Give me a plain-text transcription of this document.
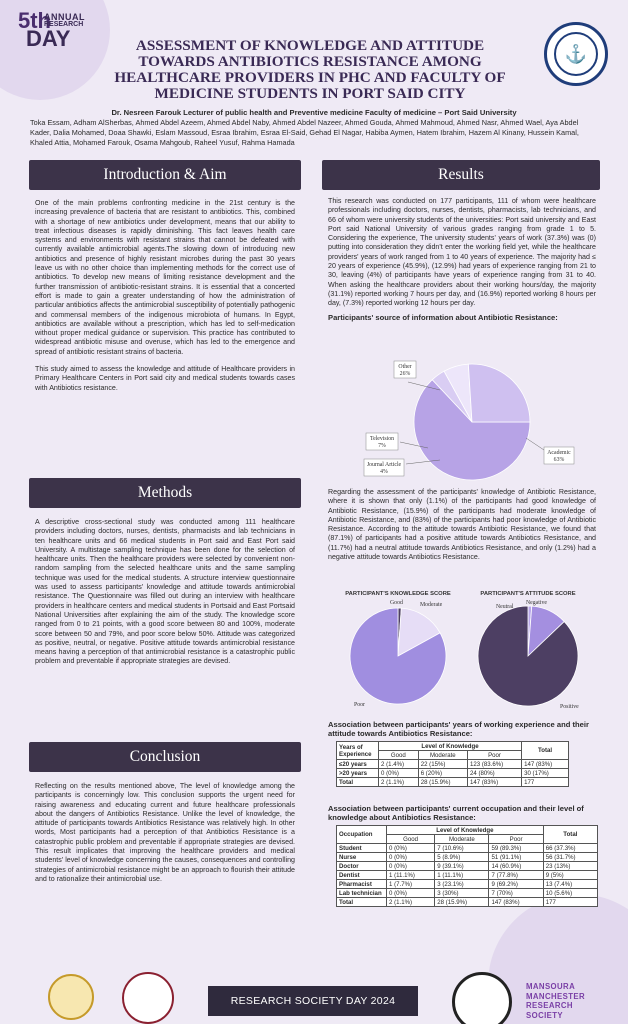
5th
ANNUAL
RESEARCH
DAY
⚓
ASSESSMENT OF KNOWLEDGE AND ATTITUDE TOWARDS ANTIBIOTICS RESISTANCE AMONG HEALTHCARE PROVIDERS IN PHC AND FACULTY OF MEDICINE STUDENTS IN PORT SAID CITY
Dr. Nesreen Farouk Lecturer of public health and Preventive medicine Faculty of medicine – Port Said University
Toka Essam, Adham AlSherbas, Ahmed Abdel Azeem, Ahmed Abdel Naby, Ahmed Abdel Nazeer, Ahmed Gouda, Ahmed Mahmoud, Ahmed Nasr, Ahmed Wael, Aya Abdel Kader, Dalia Mohamed, Doaa Shawki, Eslam Massoud, Esraa Ibrahim, Esraa El-Said, Gehad El Nagar, Habiba Aymen, Hatem Ibrahim, Hazem Al Kinany, Hussein Kamal, Khaled Attia, Mohamed Farouk, Osama Mahgoub, Raheel Yusuf, Rahma Hamada
Introduction & Aim

One of the main problems confronting medicine in the 21st century is the increasing prevalence of bacteria that are resistant to antibiotics. This, combined with a shortage of new antibiotics under development, means that our ability to treat infectious diseases is rapidly diminishing. This fact leaves health care systems and environments with resistant strains that cannot be defeated with currently available antimicrobial agents.The slowing down of introducing new antibiotics and presence of highly resistant microbes during the past 30 years leave us with no other choice than implementing methods for the correct use of antibiotics. To develop new means of limiting resistance development and the further transmission of antibiotic-resistant strains. It is essential that a concerted effort is made to gain a greater understanding of how the administration of particular antibiotics affects the antimicrobial susceptibility of potentially pathogenic and commensal members of the indigenous microbiota of humans. In Egypt, antibiotics are available without a prescription, which has led to self-medication without proper medical guidance or supervision. This practice has contributed to widespread antibiotic misuse and overuse, which has led to the emergence and spread of antibiotic resistant strains of bacteria.

This study aimed to assess the knowledge and attitude of Healthcare providers in Primary Healthcare Centers in Port said city and medical students towards cases with Antibiotics resistance.

Methods

A descriptive cross-sectional study was conducted among 111 healthcare providers including doctors, nurses, dentists, pharmacists and lab technicians in ten healthcare units and 66 medical students in Port said and East Port said University. A multistage sampling technique has been done for the selection of healthcare units. Then the healthcare providers were selected by convenient non-random sampling from the selected healthcare units and the same sampling technique was used for the medical students. A structure interview questionnaire was used to assess participants' knowledge and attitude towards antimicrobial resistance. The Questionnaire was filled out during an interview with healthcare providers in healthcare centers and medical students in Portsaid and East Portsaid National Universities after explaining the aim of the study. The knowledge score ranged from 0 to 21 points, with a good score between 80 and 100%, moderate score between 50 and 79%, and poor score below 50%. Attitude was categorized as positive, neutral, or negative. Positive attitude towards antimicrobial resistance means having a perception of that antimicrobial resistance is a catastrophic public problem and preventable if appropriate strategies are devised.

Conclusion

Reflecting on the results mentioned above, The level of knowledge among the participants is concerningly low. This conclusion supports the urgent need for raising awareness and educating current and future healthcare professionals about the dangers of Antibiotics Resistance. Unlike the level of knowledge, the attitude of participants towards Antibiotics Resistance was relatively high. In other words, Most participants had a perception of that Antibiotics Resistance is a catastrophic public problem and preventable if appropriate strategies are devised. This result implicates that improving the healthcare providers and medical students' level of knowledge concerning the causes, consequences and controlling strategies of antimicrobial resistance might be an approach to flourish their attitude and to rationalize their antimicrobial use.

Results

This research was conducted on 177 participants, 111 of whom were healthcare professionals including doctors, nurses, dentists, pharmacists, lab technicians, and 66 of whom were university students of the universities: Port said university and East Port said National University of various grades ranging from grade 1 to 5. Considering the experience, The university students' years of work (37.3%) was (0) putting into consideration they didn't enter the working field yet, while the healthcare providers' years of work ranged from 1 to 40 years of experience. The majority had ≤ 20 years of experience (45.9%), (12.9%) had years of experience ranging from 21 to 30, leaving (4%) of participants have years of experience ranging from 31 to 40. When asking the healthcare providers about their working hours/day, the majority (31.1%) reported working 7 hours per day, and (16.9%) reported working 8 hours per day, (7.3%) reported working 12 hours per day.

Participants' source of information about Antibiotic Resistance:
Academic
63%
Journal Article
4%
Television
7%
Other
26%

Regarding the assessment of the participants' knowledge of Antibiotic Resistance, where it is shown that only (1.1%) of the participants had good knowledge of Antibiotic Resistance, (15.9%) of the participants had moderate knowledge of Antibiotic Resistance, and (83%) of the participants had poor knowledge of Antibiotic Resistance. According to the attitude towards Antibiotic Resistance, we found that (87.1%) of participants had a positive attitude towards Antibiotics Resistance, and (11.7%) had a neutral attitude towards Antibiotics Resistance, and only (1.2%) had a negative attitude towards Antibiotics Resistance.

PARTICIPANT'S KNOWLEDGE SCORE
Good	Moderate
Poor
PARTICIPANT'S ATTITUDE SCORE
Negative
Neutral
Positive
Association between participants' years of working experience and their attitude towards Antibiotics Resistance:
Years of Experience	Level of Knowledge			Total
	Good	Moderate	Poor	
≤20 years	2 (1.4%)	22 (15%)	123 (83.6%)	147 (83%)
>20 years	0 (0%)	6 (20%)	24 (80%)	30 (17%)
Total	2 (1.1%)	28 (15.9%)	147 (83%)	177
Association between participants' current occupation and their level of knowledge about Antibiotics Resistance:
Occupation	Level of Knowledge			Total
	Good	Moderate	Poor	
Student	0 (0%)	7 (10.6%)	59 (89.3%)	66 (37.3%)
Nurse	0 (0%)	5 (8.9%)	51 (91.1%)	56 (31.7%)
Doctor	0 (0%)	9 (39.1%)	14 (60.9%)	23 (13%)
Dentist	1 (11.1%)	1 (11.1%)	7 (77.8%)	9 (5%)
Pharmacist	1 (7.7%)	3 (23.1%)	9 (69.2%)	13 (7.4%)
Lab technician	0 (0%)	3 (30%)	7 (70%)	10 (5.6%)
Total	2 (1.1%)	28 (15.9%)	147 (83%)	177
RESEARCH SOCIETY DAY 2024
MANSOURA
MANCHESTER
RESEARCH
SOCIETY
